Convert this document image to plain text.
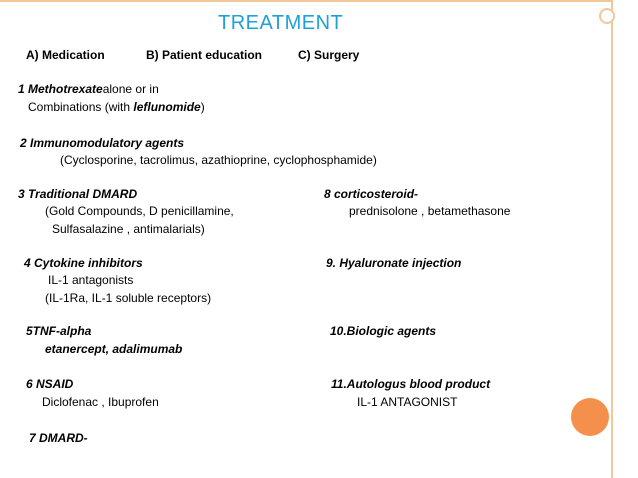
TREATMENT
A) Medication	B) Patient education	C) Surgery
1 Methotrexatealone or in
Combinations (with leflunomide)
2 Immunomodulatory agents
(Cyclosporine, tacrolimus, azathioprine, cyclophosphamide)
3 Traditional DMARD
(Gold Compounds, D penicillamine,
Sulfasalazine , antimalarials)
8 corticosteroid-
prednisolone , betamethasone
4 Cytokine inhibitors
IL-1 antagonists
(IL-1Ra, IL-1 soluble receptors)
9. Hyaluronate injection
5TNF-alpha
etanercept, adalimumab
10.Biologic agents
6 NSAID
Diclofenac , Ibuprofen
11.Autologus blood product
IL-1 ANTAGONIST
7 DMARD-
